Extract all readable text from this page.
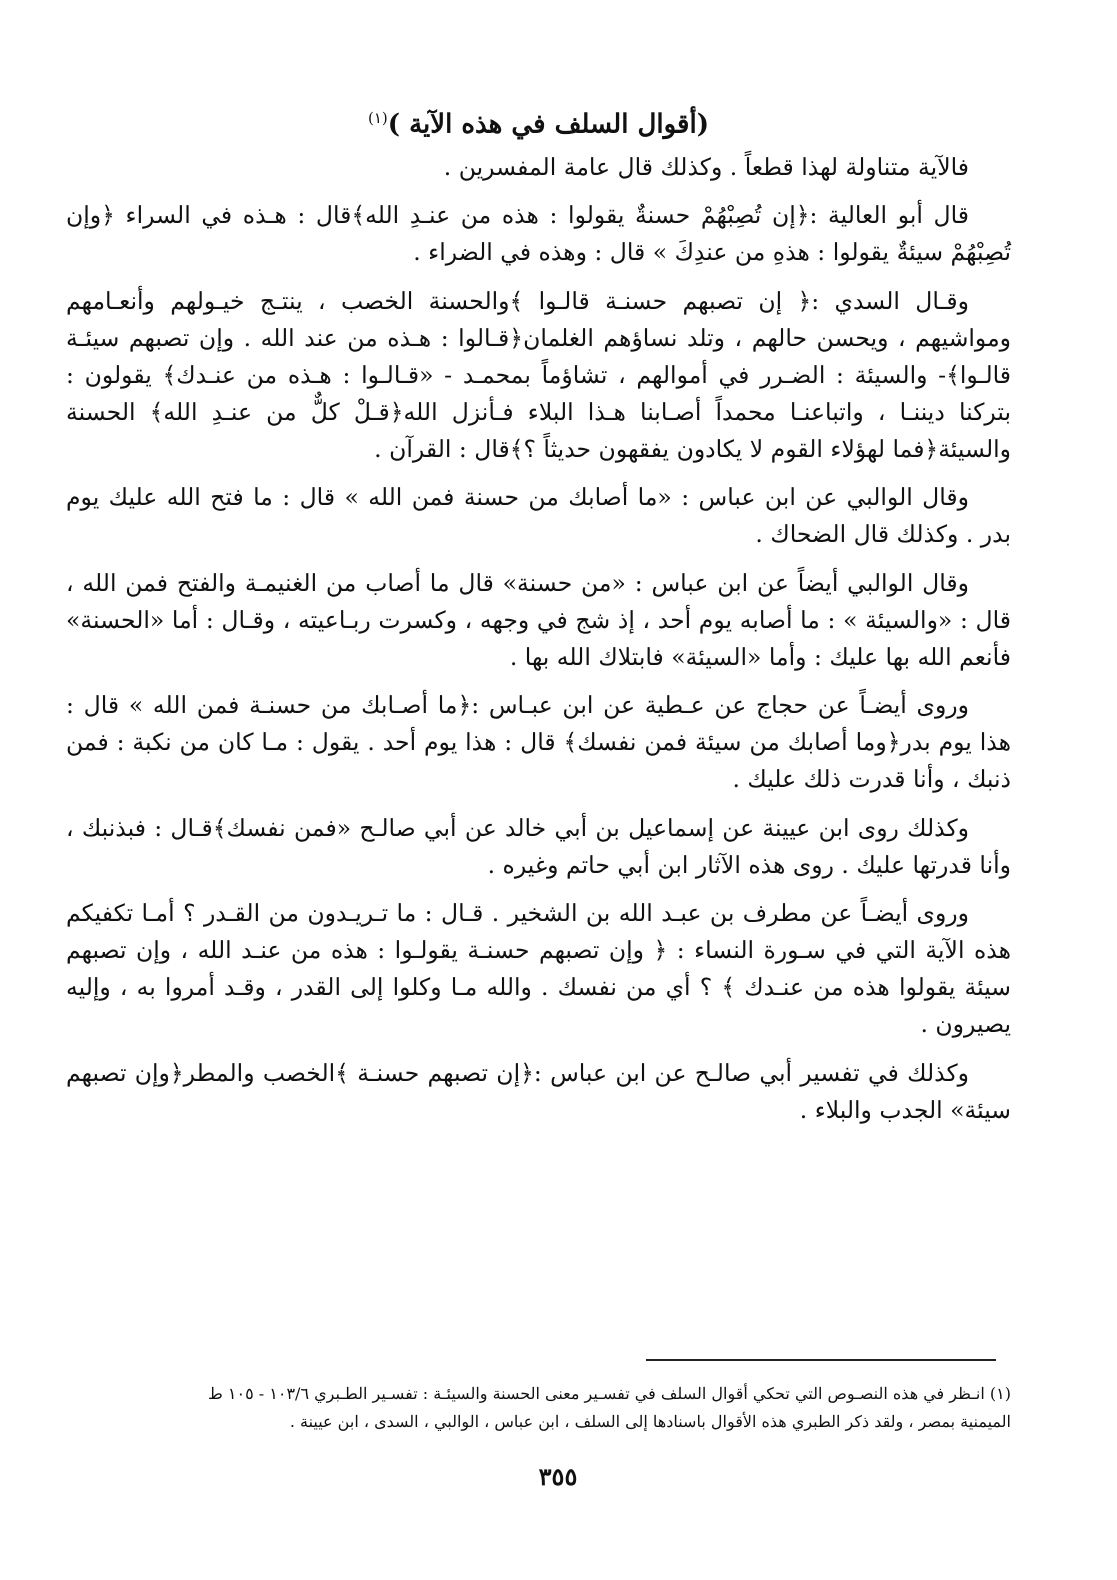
(أقوال السلف في هذه الآية )$^{(١)}$

فالآية متناولة لهذا قطعاً . وكذلك قال عامة المفسرين .

قال أبو العالية :﴿إن تُصِبْهُمْ حسنةٌ يقولوا : هذه من عنـدِ الله﴾قال : هـذه في السراء ﴿وإن تُصِبْهُمْ سيئةٌ يقولوا : هذهِ من عندِكَ » قال : وهذه في الضراء .

وقـال السدي :﴿ إن تصبهم حسنـة قالـوا ﴾والحسنة الخصب ، ينتـج خيـولهم وأنعـامهم ومواشيهم ، ويحسن حالهم ، وتلد نساؤهم الغلمان﴿قـالوا : هـذه من عند الله . وإن تصبهم سيئـة قالـوا﴾- والسيئة : الضـرر في أموالهم ، تشاؤماً بمحمـد - «قـالـوا : هـذه من عنـدك﴾ يقولون : بتركنا ديننـا ، واتباعنـا محمداً أصـابنا هـذا البلاء فـأنزل الله﴿قـلْ كلٌّ من عنـدِ الله﴾ الحسنة والسيئة﴿فما لهؤلاء القوم لا يكادون يفقهون حديثاً ؟﴾قال : القرآن .

وقال الوالبي عن ابن عباس : «ما أصابك من حسنة فمن الله » قال : ما فتح الله عليك يوم بدر . وكذلك قال الضحاك .

وقال الوالبي أيضاً عن ابن عباس : «من حسنة» قال ما أصاب من الغنيمـة والفتح فمن الله ، قال : «والسيئة » : ما أصابه يوم أحد ، إذ شج في وجهه ، وكسرت ربـاعيته ، وقـال : أما «الحسنة» فأنعم الله بها عليك : وأما «السيئة» فابتلاك الله بها .

وروى أيضـاً عن حجاج عن عـطية عن ابن عبـاس :﴿ما أصـابك من حسنـة فمن الله » قال : هذا يوم بدر﴿وما أصابك من سيئة فمن نفسك﴾ قال : هذا يوم أحد . يقول : مـا كان من نكبة : فمن ذنبك ، وأنا قدرت ذلك عليك .

وكذلك روى ابن عيينة عن إسماعيل بن أبي خالد عن أبي صالـح «فمن نفسك﴾قـال : فبذنبك ، وأنا قدرتها عليك . روى هذه الآثار ابن أبي حاتم وغيره .

وروى أيضـاً عن مطرف بن عبـد الله بن الشخير . قـال : ما تـريـدون من القـدر ؟ أمـا تكفيكم هذه الآية التي في سـورة النساء : ﴿ وإن تصبهم حسنـة يقولـوا : هذه من عنـد الله ، وإن تصبهم سيئة يقولوا هذه من عنـدك ﴾ ؟ أي من نفسك . والله مـا وكلوا إلى القدر ، وقـد أمروا به ، وإليه يصيرون .

وكذلك في تفسير أبي صالـح عن ابن عباس :﴿إن تصبهم حسنـة ﴾الخصب والمطر﴿وإن تصبهم سيئة» الجدب والبلاء .

(١) انـظر في هذه النصـوص التي تحكي أقوال السلف في تفسـير معنى الحسنة والسيئـة : تفسـير الطـبري ١٠٣/٦ - ١٠٥ ط

الميمنية بمصر ، ولقد ذكر الطبري هذه الأقوال باسنادها إلى السلف ، ابن عباس ، الوالبي ، السدى ، ابن عيينة .

٣٥٥
